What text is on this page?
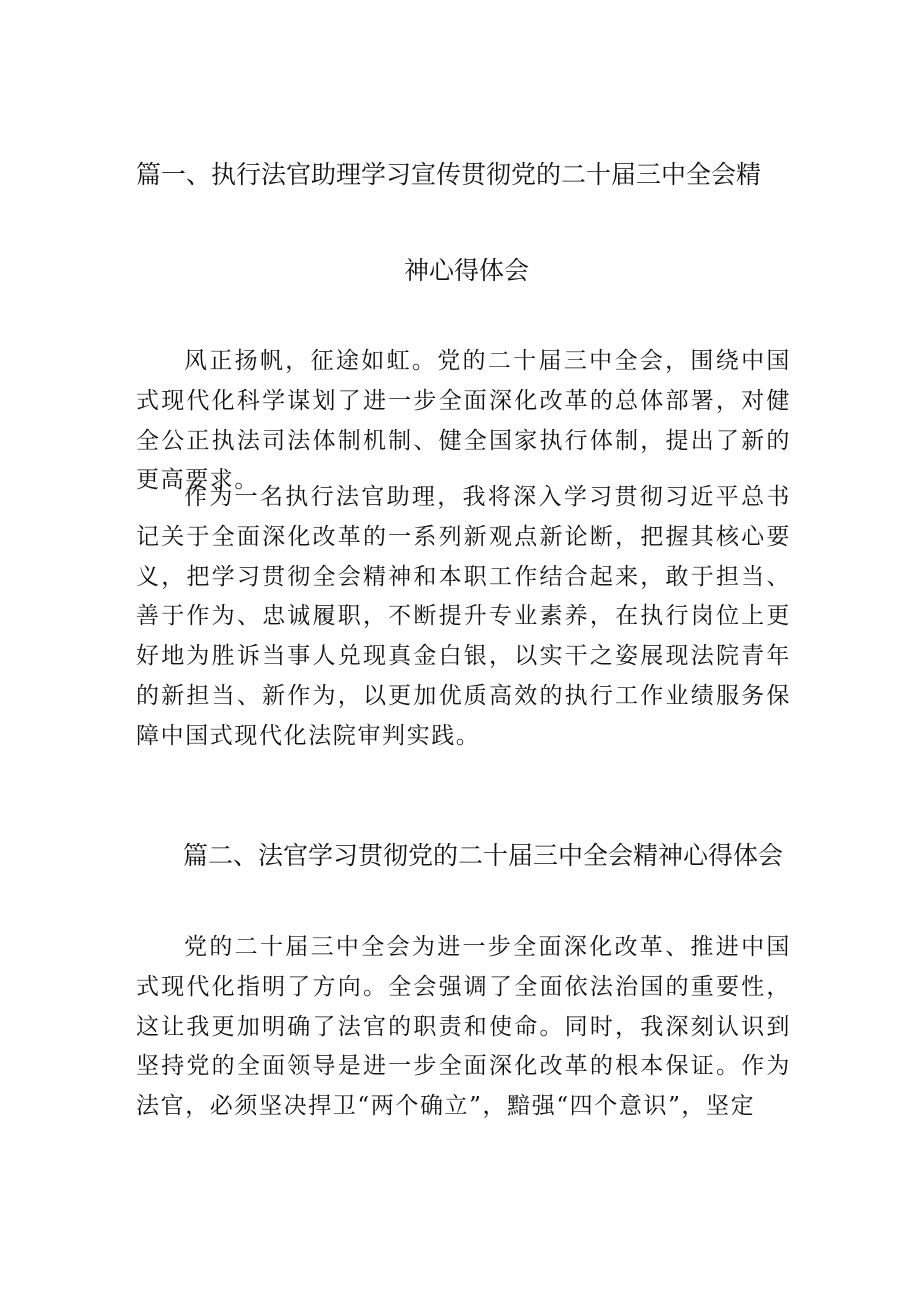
篇一、执行法官助理学习宣传贯彻党的二十届三中全会精
神心得体会

风正扬帆，征途如虹。党的二十届三中全会，围绕中国式现代化科学谋划了进一步全面深化改革的总体部署，对健全公正执法司法体制机制、健全国家执行体制，提出了新的更高要求。

作为一名执行法官助理，我将深入学习贯彻习近平总书记关于全面深化改革的一系列新观点新论断，把握其核心要义，把学习贯彻全会精神和本职工作结合起来，敢于担当、善于作为、忠诚履职，不断提升专业素养，在执行岗位上更好地为胜诉当事人兑现真金白银，以实干之姿展现法院青年的新担当、新作为，以更加优质高效的执行工作业绩服务保障中国式现代化法院审判实践。

篇二、法官学习贯彻党的二十届三中全会精神心得体会

党的二十届三中全会为进一步全面深化改革、推进中国式现代化指明了方向。全会强调了全面依法治国的重要性，这让我更加明确了法官的职责和使命。同时，我深刻认识到坚持党的全面领导是进一步全面深化改革的根本保证。作为法官，必须坚决捍卫“两个确立”，黯强“四个意识”，坚定
